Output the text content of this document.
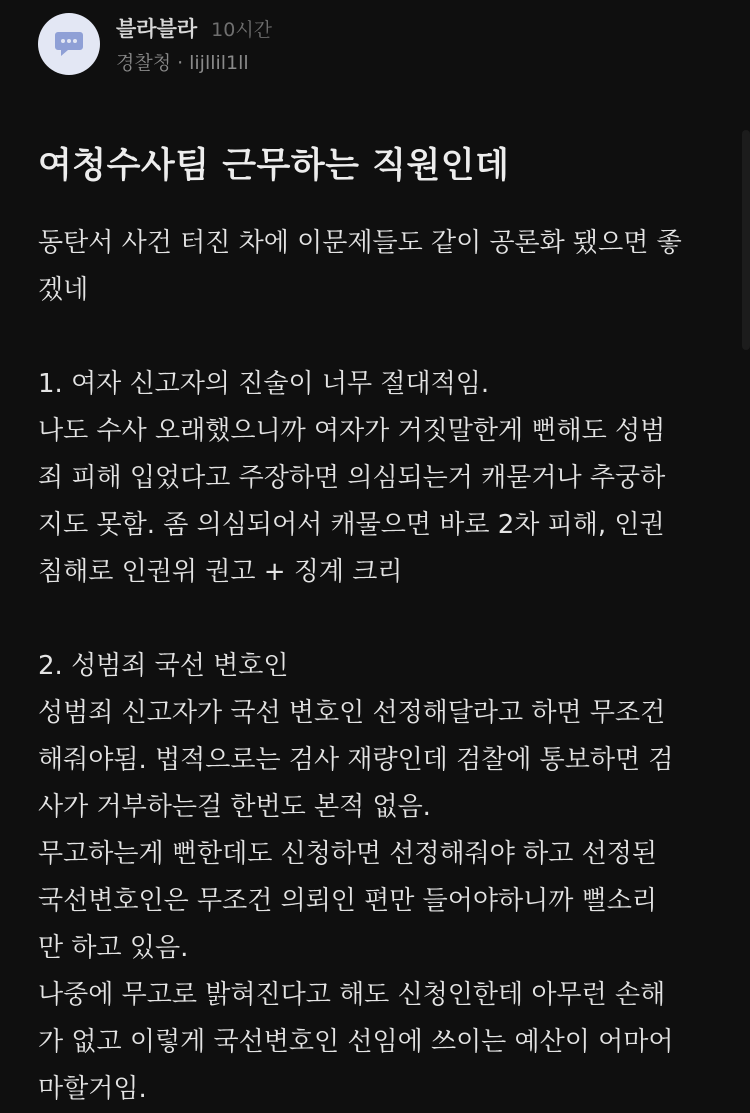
블라블라 10시간
경찰청 · lijllil1ll
여청수사팀 근무하는 직원인데
동탄서 사건 터진 차에 이문제들도 같이 공론화 됐으면 좋
겠네
1. 여자 신고자의 진술이 너무 절대적임.
나도 수사 오래했으니까 여자가 거짓말한게 뻔해도 성범
죄 피해 입었다고 주장하면 의심되는거 캐묻거나 추궁하
지도 못함. 좀 의심되어서 캐물으면 바로 2차 피해, 인권
침해로 인권위 권고 + 징계 크리
2. 성범죄 국선 변호인
성범죄 신고자가 국선 변호인 선정해달라고 하면 무조건
해줘야됨. 법적으로는 검사 재량인데 검찰에 통보하면 검
사가 거부하는걸 한번도 본적 없음.
무고하는게 뻔한데도 신청하면 선정해줘야 하고 선정된
국선변호인은 무조건 의뢰인 편만 들어야하니까 뻘소리
만 하고 있음.
나중에 무고로 밝혀진다고 해도 신청인한테 아무런 손해
가 없고 이렇게 국선변호인 선임에 쓰이는 예산이 어마어
마할거임.
